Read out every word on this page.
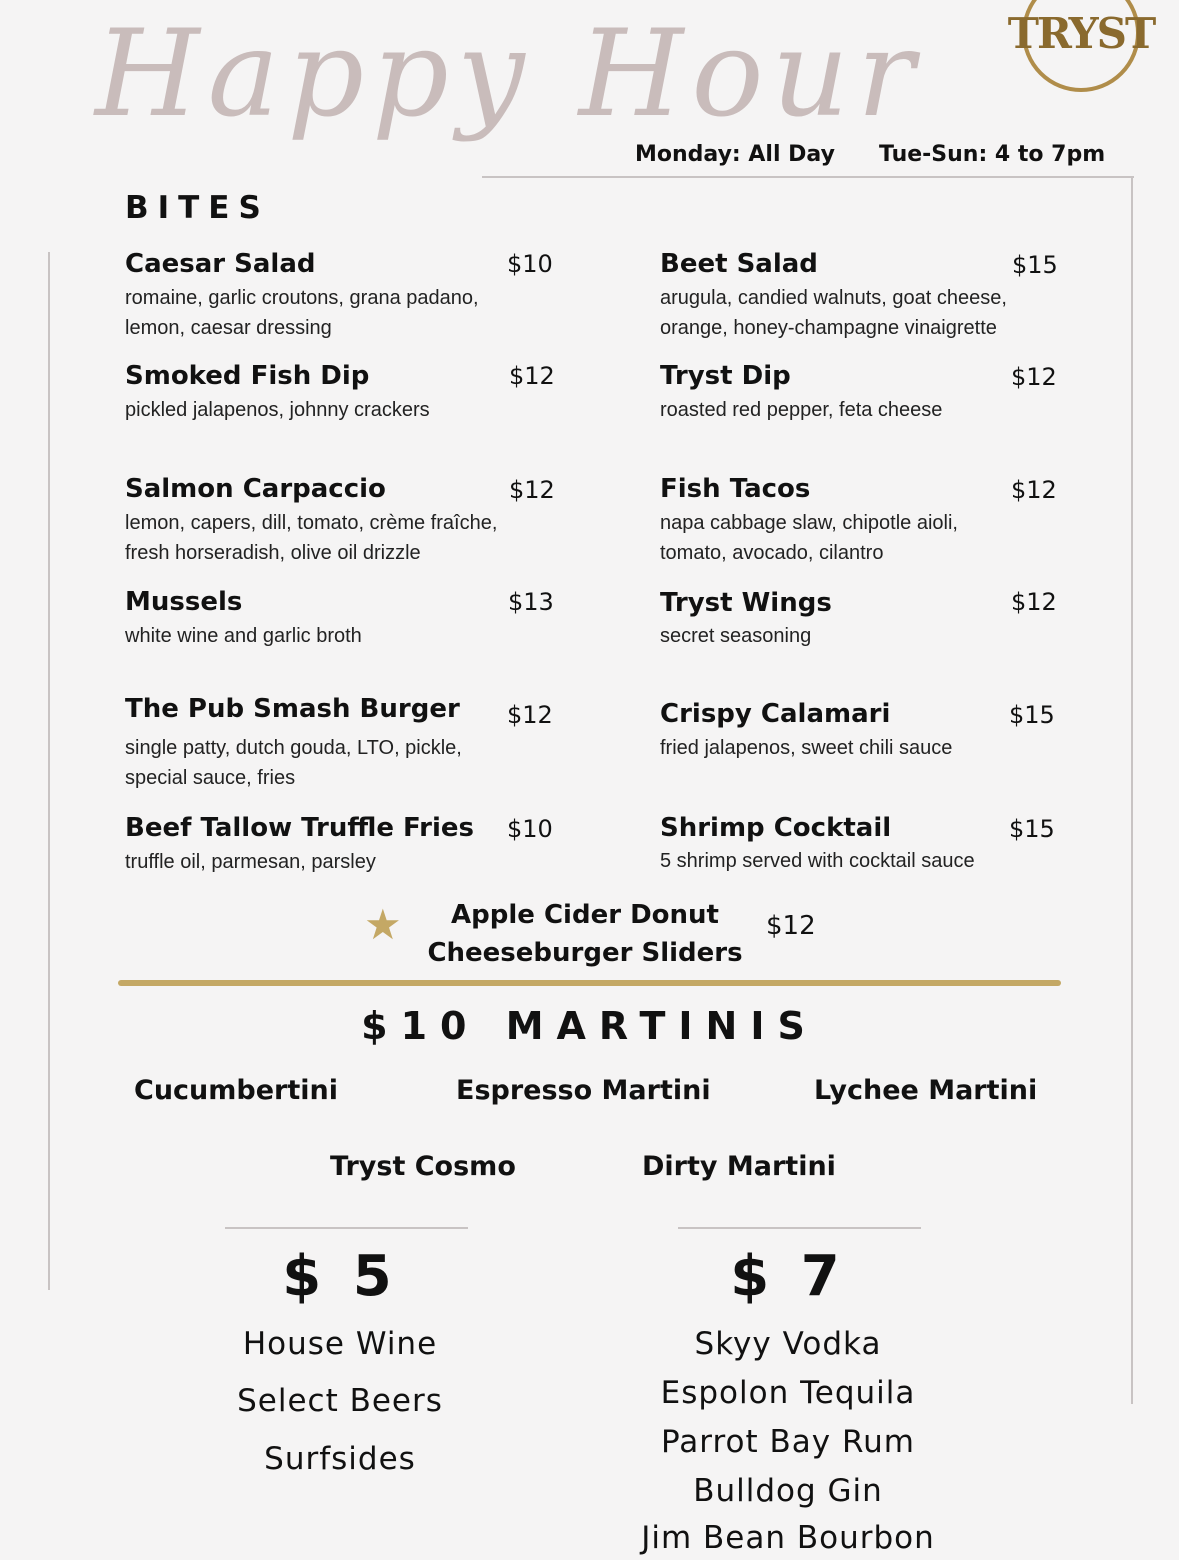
Happy Hour TRYST
Monday: All Day Tue-Sun: 4 to 7pm
BITES
Caesar Salad	$10
romaine, garlic croutons, grana padano,
lemon, caesar dressing
Smoked Fish Dip	$12
pickled jalapenos, johnny crackers
Salmon Carpaccio	$12
lemon, capers, dill, tomato, crème fraîche,
fresh horseradish, olive oil drizzle
Mussels	$13
white wine and garlic broth
The Pub Smash Burger $12
single patty, dutch gouda, LTO, pickle,
special sauce, fries
Beef Tallow Truffle Fries $10
truffle oil, parmesan, parsley
Beet Salad	$15
arugula, candied walnuts, goat cheese,
orange, honey-champagne vinaigrette
Tryst Dip	$12
roasted red pepper, feta cheese
Fish Tacos	$12
napa cabbage slaw, chipotle aioli,
tomato, avocado, cilantro
Tryst Wings	$12
secret seasoning
Crispy Calamari	$15
fried jalapenos, sweet chili sauce
Shrimp Cocktail	$15
5 shrimp served with cocktail sauce
★	Apple Cider Donut
Cheeseburger Sliders
$12
$10 MARTINIS
Cucumbertini	Espresso Martini	Lychee Martini
Tryst Cosmo	Dirty Martini
$ 5	$ 7
House Wine
Select Beers
Surfsides
Skyy Vodka
Espolon Tequila
Parrot Bay Rum
Bulldog Gin
Jim Bean Bourbon
